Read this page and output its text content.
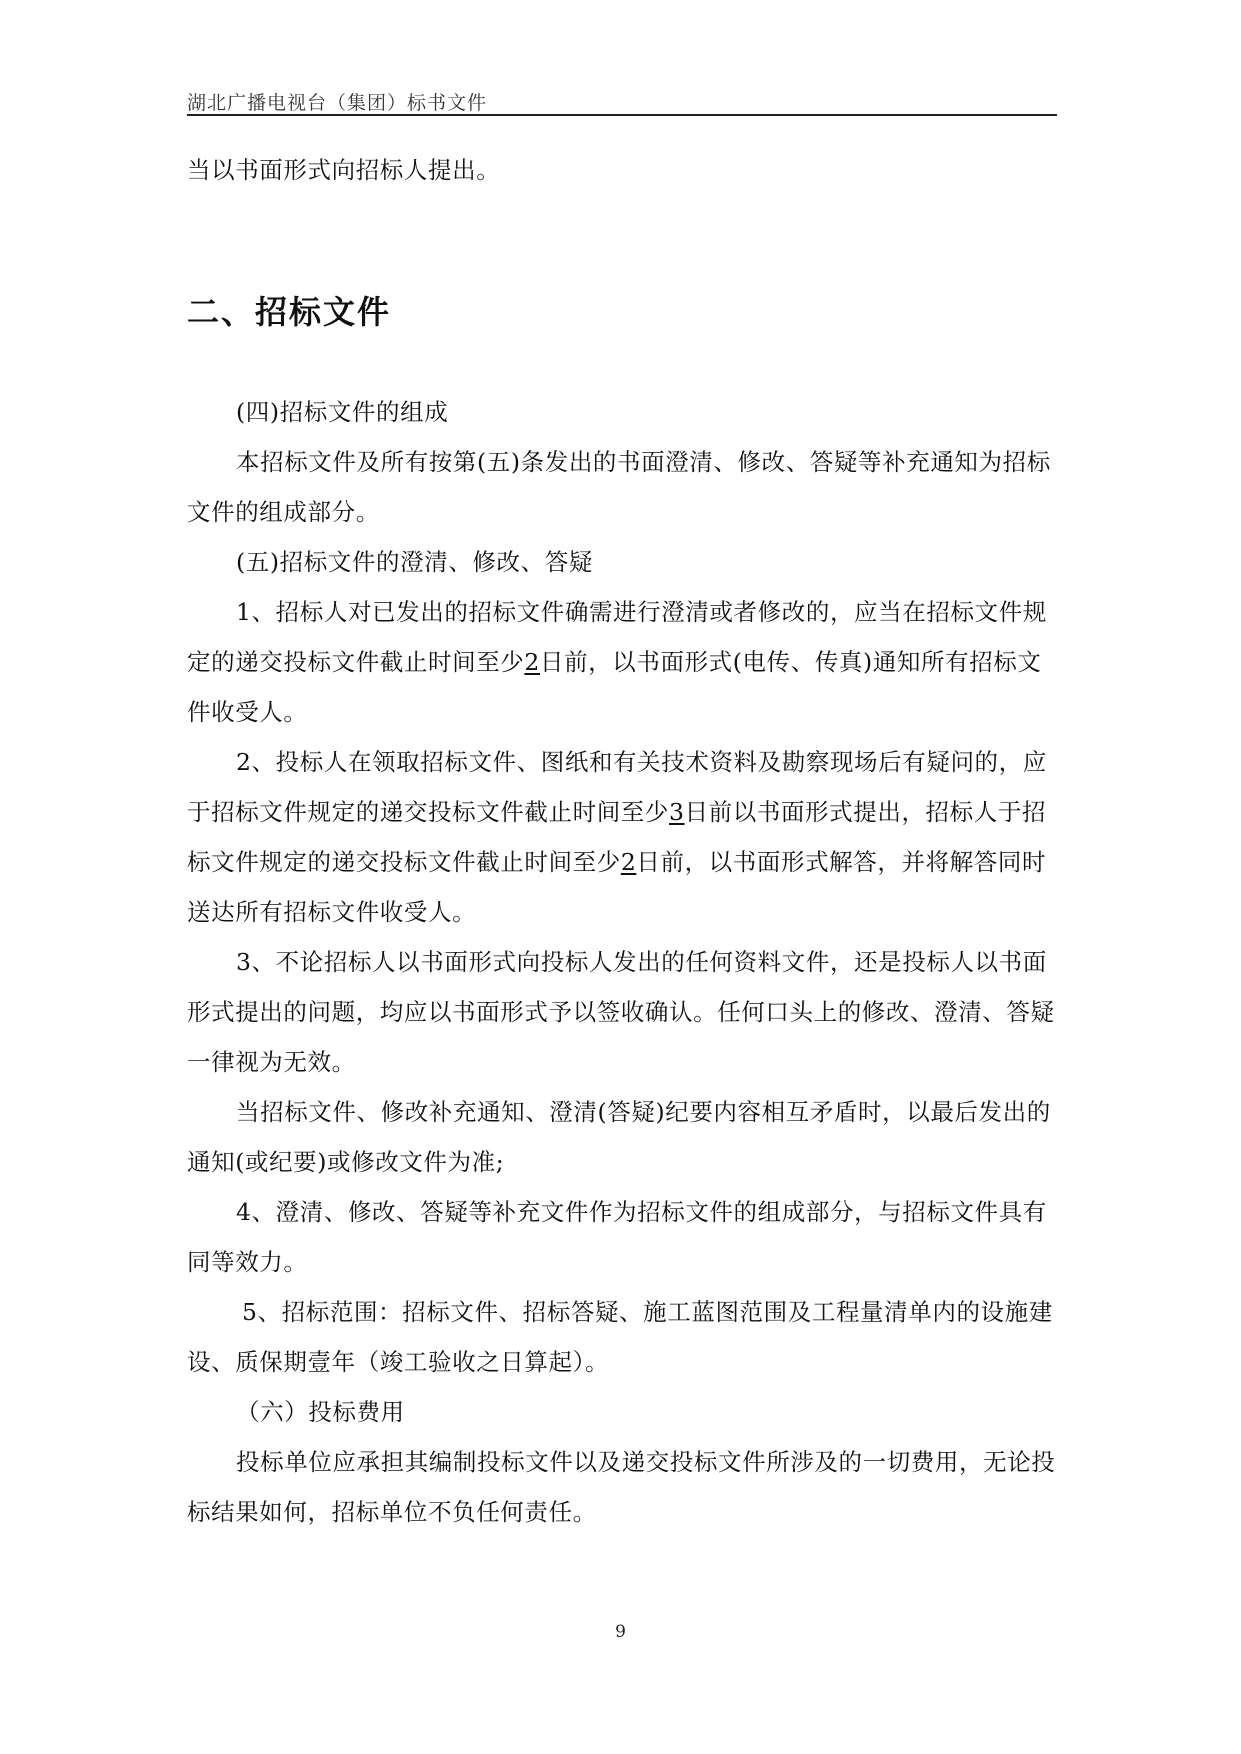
湖北广播电视台（集团）标书文件

当以书面形式向招标人提出。

二、招标文件

(四)招标文件的组成

本招标文件及所有按第(五)条发出的书面澄清、修改、答疑等补充通知为招标文件的组成部分。

(五)招标文件的澄清、修改、答疑

1、招标人对已发出的招标文件确需进行澄清或者修改的，应当在招标文件规定的递交投标文件截止时间至少2日前，以书面形式(电传、传真)通知所有招标文件收受人。

2、投标人在领取招标文件、图纸和有关技术资料及勘察现场后有疑问的，应于招标文件规定的递交投标文件截止时间至少3日前以书面形式提出，招标人于招标文件规定的递交投标文件截止时间至少2日前，以书面形式解答，并将解答同时送达所有招标文件收受人。

3、不论招标人以书面形式向投标人发出的任何资料文件，还是投标人以书面形式提出的问题，均应以书面形式予以签收确认。任何口头上的修改、澄清、答疑一律视为无效。

当招标文件、修改补充通知、澄清(答疑)纪要内容相互矛盾时，以最后发出的通知(或纪要)或修改文件为准;

4、澄清、修改、答疑等补充文件作为招标文件的组成部分，与招标文件具有同等效力。

5、招标范围：招标文件、招标答疑、施工蓝图范围及工程量清单内的设施建设、质保期壹年（竣工验收之日算起）。

（六）投标费用

投标单位应承担其编制投标文件以及递交投标文件所涉及的一切费用，无论投标结果如何，招标单位不负任何责任。

9
